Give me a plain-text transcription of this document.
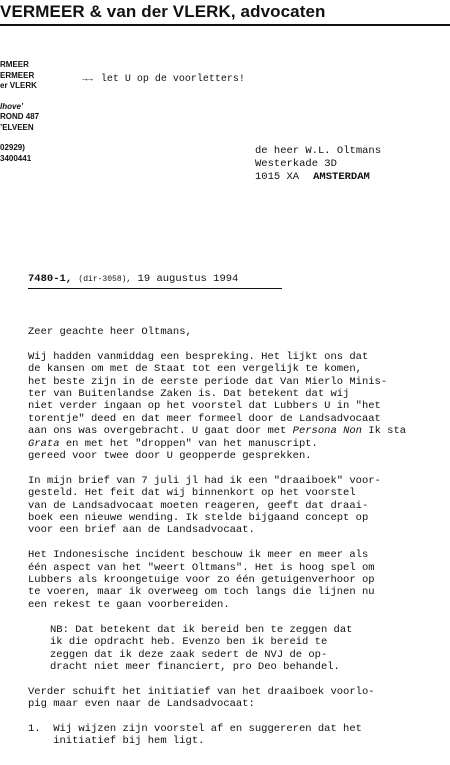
VERMEER & van der VLERK, advocaten
RMEER
ERMEER
er VLERK
lhove’
ROND 487
’ELVEEN
02929)
3400441
→→ let U op de voorletters!
de heer W.L. Oltmans
Westerkade 3D
1015 XA AMSTERDAM
7480-1, (dir-3058), 19 augustus 1994

Zeer geachte heer Oltmans,

Wij hadden vanmiddag een bespreking. Het lijkt ons dat
de kansen om met de Staat tot een vergelijk te komen,
het beste zijn in de eerste periode dat Van Mierlo Minis-
ter van Buitenlandse Zaken is. Dat betekent dat wij
niet verder ingaan op het voorstel dat Lubbers U in "het
torentje" deed en dat meer formeel door de Landsadvocaat
aan ons was overgebracht. U gaat door met Persona Non Ik sta
Grata en met het "droppen" van het manuscript.
gereed voor twee door U geopperde gesprekken.

In mijn brief van 7 juli jl had ik een "draaiboek" voor-
gesteld. Het feit dat wij binnenkort op het voorstel
van de Landsadvocaat moeten reageren, geeft dat draai-
boek een nieuwe wending. Ik stelde bijgaand concept op
voor een brief aan de Landsadvocaat.

Het Indonesische incident beschouw ik meer en meer als
één aspect van het "weert Oltmans". Het is hoog spel om
Lubbers als kroongetuige voor zo één getuigenverhoor op
te voeren, maar ik overweeg om toch langs die lijnen nu
een rekest te gaan voorbereiden.

NB: Dat betekent dat ik bereid ben te zeggen dat
ik die opdracht heb. Evenzo ben ik bereid te
zeggen dat ik deze zaak sedert de NVJ de op-
dracht niet meer financiert, pro Deo behandel.

Verder schuift het initiatief van het draaiboek voorlo-
pig maar even naar de Landsadvocaat:

1.  Wij wijzen zijn voorstel af en suggereren dat het
initiatief bij hem ligt.
